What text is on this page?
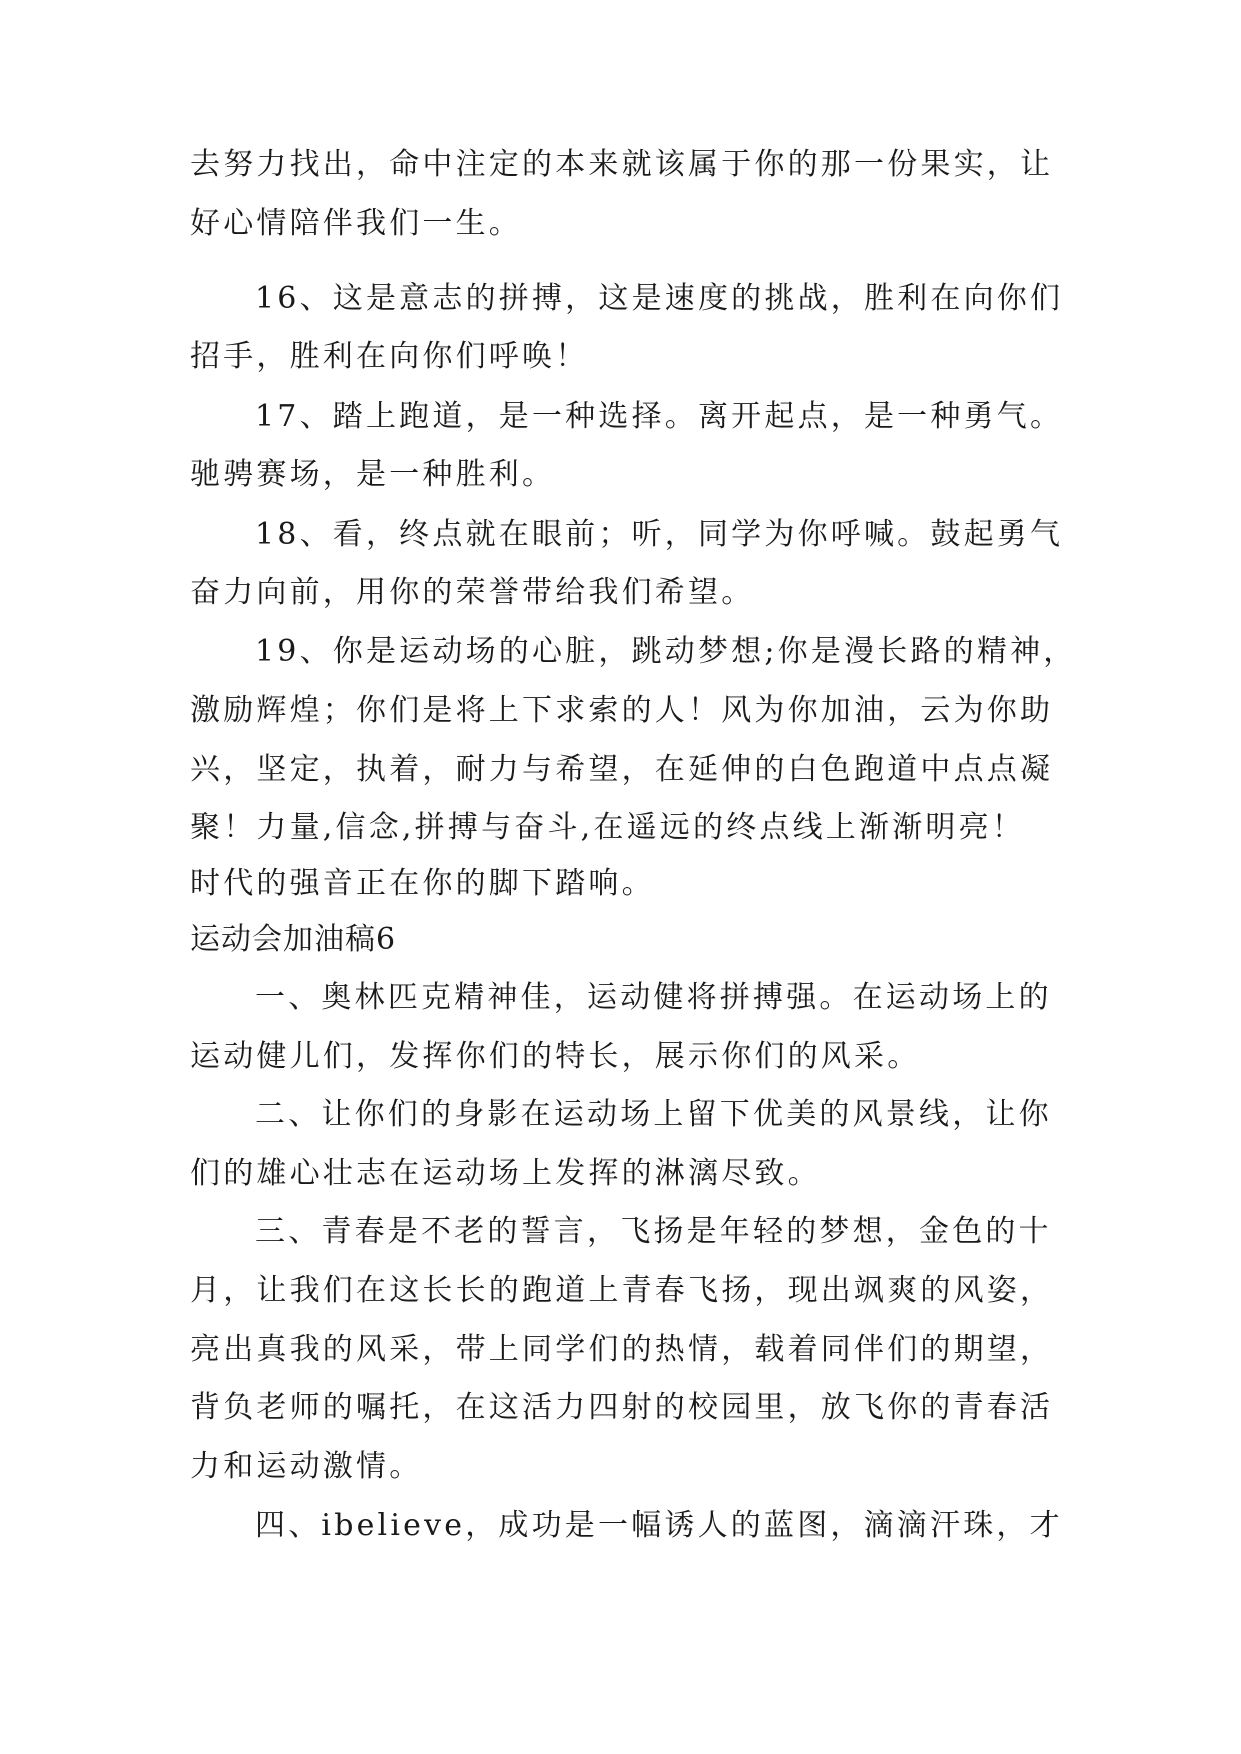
去努力找出，命中注定的本来就该属于你的那一份果实，让
好心情陪伴我们一生。
16、这是意志的拼搏，这是速度的挑战，胜利在向你们
招手，胜利在向你们呼唤！
17、踏上跑道，是一种选择。离开起点，是一种勇气。
驰骋赛场，是一种胜利。
18、看，终点就在眼前；听，同学为你呼喊。鼓起勇气
奋力向前，用你的荣誉带给我们希望。
19、你是运动场的心脏，跳动梦想;你是漫长路的精神，
激励辉煌；你们是将上下求索的人！风为你加油，云为你助
兴，坚定，执着，耐力与希望，在延伸的白色跑道中点点凝
聚！力量,信念,拼搏与奋斗,在遥远的终点线上渐渐明亮！
时代的强音正在你的脚下踏响。
运动会加油稿6
一、奥林匹克精神佳，运动健将拼搏强。在运动场上的
运动健儿们，发挥你们的特长，展示你们的风采。
二、让你们的身影在运动场上留下优美的风景线，让你
们的雄心壮志在运动场上发挥的淋漓尽致。
三、青春是不老的誓言，飞扬是年轻的梦想，金色的十
月，让我们在这长长的跑道上青春飞扬，现出飒爽的风姿，
亮出真我的风采，带上同学们的热情，载着同伴们的期望，
背负老师的嘱托，在这活力四射的校园里，放飞你的青春活
力和运动激情。
四、ibelieve，成功是一幅诱人的蓝图，滴滴汗珠，才
